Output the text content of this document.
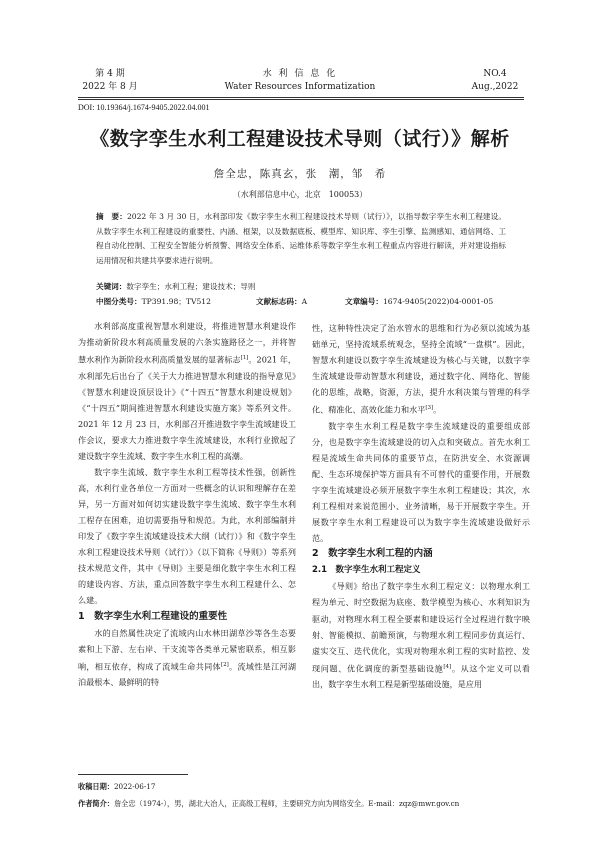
第 4 期
2022 年 8 月
水 利 信 息 化
Water Resources Informatization
NO.4
Aug.,2022
DOI: 10.19364/j.1674-9405.2022.04.001
《数字孪生水利工程建设技术导则（试行）》解析
詹全忠，陈真玄，张　潮，邹　希
（水利部信息中心，北京　100053）
摘　要：2022 年 3 月 30 日，水利部印发《数字孪生水利工程建设技术导则（试行）》，以指导数字孪生水利工程建设。从数字孪生水利工程建设的重要性、内涵、框架，以及数据底板、模型库、知识库、孪生引擎、监测感知、通信网络、工程自动化控制、工程安全智能分析预警、网络安全体系、运维体系等数字孪生水利工程重点内容进行解读，并对建设指标运用情况和共建共享要求进行说明。
关键词：数字孪生；水利工程；建设技术；导则
中图分类号：TP391.98；TV512	文献标志码：A	文章编号：1674-9405(2022)04-0001-05

水利部高度重视智慧水利建设，将推进智慧水利建设作为推动新阶段水利高质量发展的六条实施路径之一，并将智慧水利作为新阶段水利高质量发展的显著标志[1]。2021 年，水利部先后出台了《关于大力推进智慧水利建设的指导意见》《智慧水利建设顶层设计》《“十四五”智慧水利建设规划》《“十四五”期间推进智慧水利建设实施方案》等系列文件。2021 年 12 月 23 日，水利部召开推进数字孪生流域建设工作会议，要求大力推进数字孪生流域建设，水利行业掀起了建设数字孪生流域、数字孪生水利工程的高潮。

数字孪生流域、数字孪生水利工程等技术性强，创新性高，水利行业各单位一方面对一些概念的认识和理解存在差异，另一方面对如何切实建设数字孪生流域、数字孪生水利工程存在困难，迫切需要指导和规范。为此，水利部编制并印发了《数字孪生流域建设技术大纲（试行）》和《数字孪生水利工程建设技术导则（试行）》（以下简称《导则》）等系列技术规范文件，其中《导则》主要是细化数字孪生水利工程的建设内容、方法，重点回答数字孪生水利工程建什么、怎么建。

1　数字孪生水利工程建设的重要性

水的自然属性决定了流域内山水林田湖草沙等各生态要素和上下游、左右岸、干支流等各类单元紧密联系，相互影响，相互依存，构成了流域生命共同体[2]。流域性是江河湖泊最根本、最鲜明的特

性，这种特性决定了治水管水的思维和行为必须以流域为基础单元，坚持流域系统观念，坚持全流域“一盘棋”。因此，智慧水利建设以数字孪生流域建设为核心与关键，以数字孪生流域建设带动智慧水利建设，通过数字化、网络化、智能化的思维，战略，资源，方法，提升水利决策与管理的科学化、精准化、高效化能力和水平[3]。

数字孪生水利工程是数字孪生流域建设的重要组成部分，也是数字孪生流域建设的切入点和突破点。首先水利工程是流域生命共同体的重要节点，在防洪安全、水资源调配、生态环境保护等方面具有不可替代的重要作用，开展数字孪生流域建设必须开展数字孪生水利工程建设；其次，水利工程相对来说范围小、业务清晰，易于开展数字孪生。开展数字孪生水利工程建设可以为数字孪生流域建设做好示范。

2　数字孪生水利工程的内涵

2.1　数字孪生水利工程定义

《导则》给出了数字孪生水利工程定义：以物理水利工程为单元、时空数据为底座、数学模型为核心、水利知识为驱动，对物理水利工程全要素和建设运行全过程进行数字映射、智能模拟、前瞻预演，与物理水利工程同步仿真运行、虚实交互、迭代优化，实现对物理水利工程的实时监控、发现问题、优化调度的新型基础设施[4]。从这个定义可以看出，数字孪生水利工程是新型基础设施，是应用

收稿日期：2022-06-17
作者简介：詹全忠（1974-），男，湖北大冶人，正高级工程师，主要研究方向为网络安全。E-mail：zqz@mwr.gov.cn
